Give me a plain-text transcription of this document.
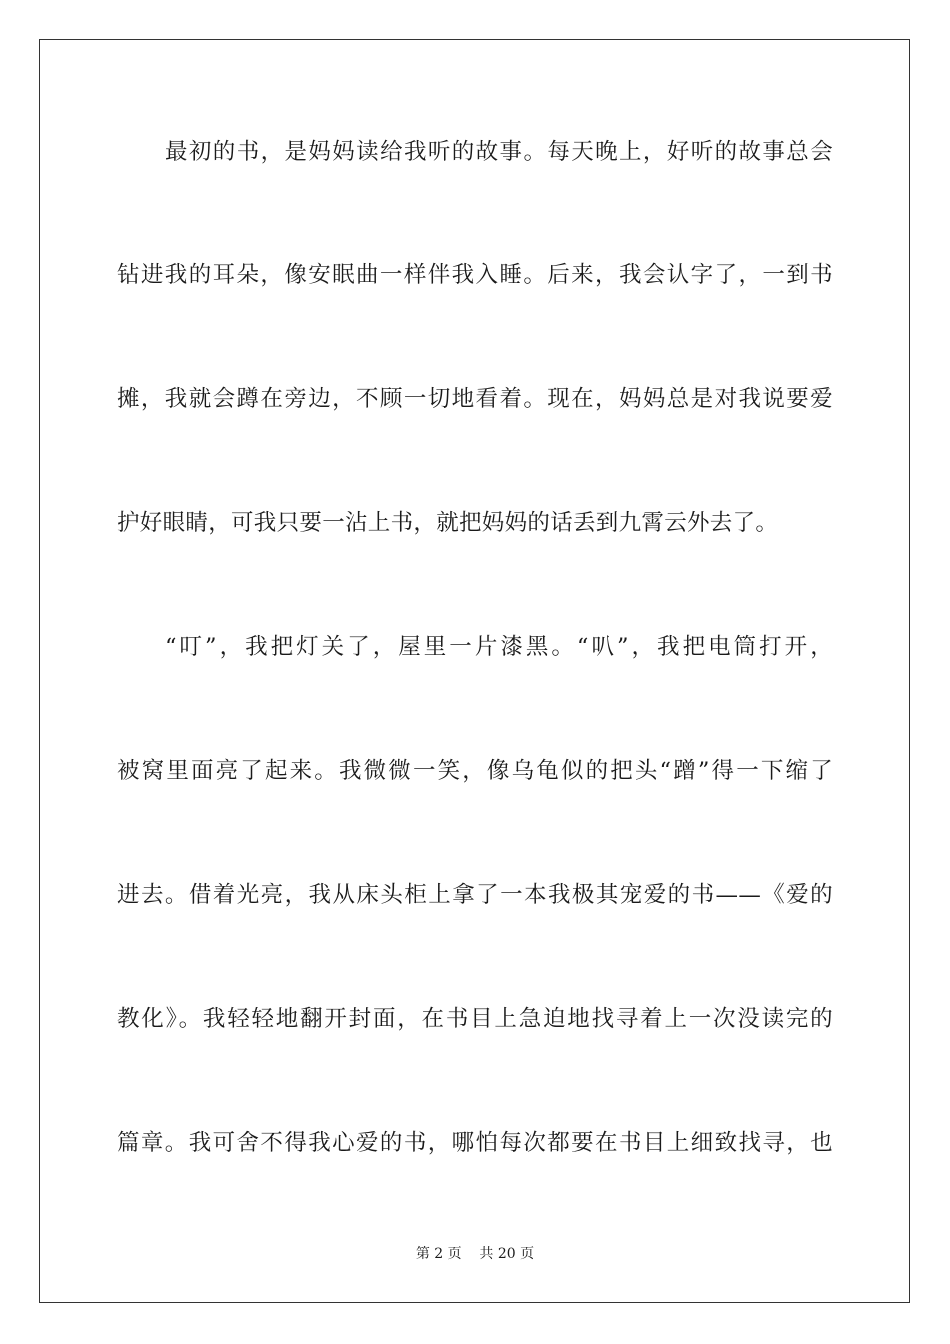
最初的书，是妈妈读给我听的故事。每天晚上，好听的故事总会
钻进我的耳朵，像安眠曲一样伴我入睡。后来，我会认字了，一到书
摊，我就会蹲在旁边，不顾一切地看着。现在，妈妈总是对我说要爱
护好眼睛，可我只要一沾上书，就把妈妈的话丢到九霄云外去了。
“叮”，我把灯关了，屋里一片漆黑。“叭”，我把电筒打开，
被窝里面亮了起来。我微微一笑，像乌龟似的把头“蹭”得一下缩了
进去。借着光亮，我从床头柜上拿了一本我极其宠爱的书——《爱的
教化》。我轻轻地翻开封面，在书目上急迫地找寻着上一次没读完的
篇章。我可舍不得我心爱的书，哪怕每次都要在书目上细致找寻，也
第 2 页    共 20 页
